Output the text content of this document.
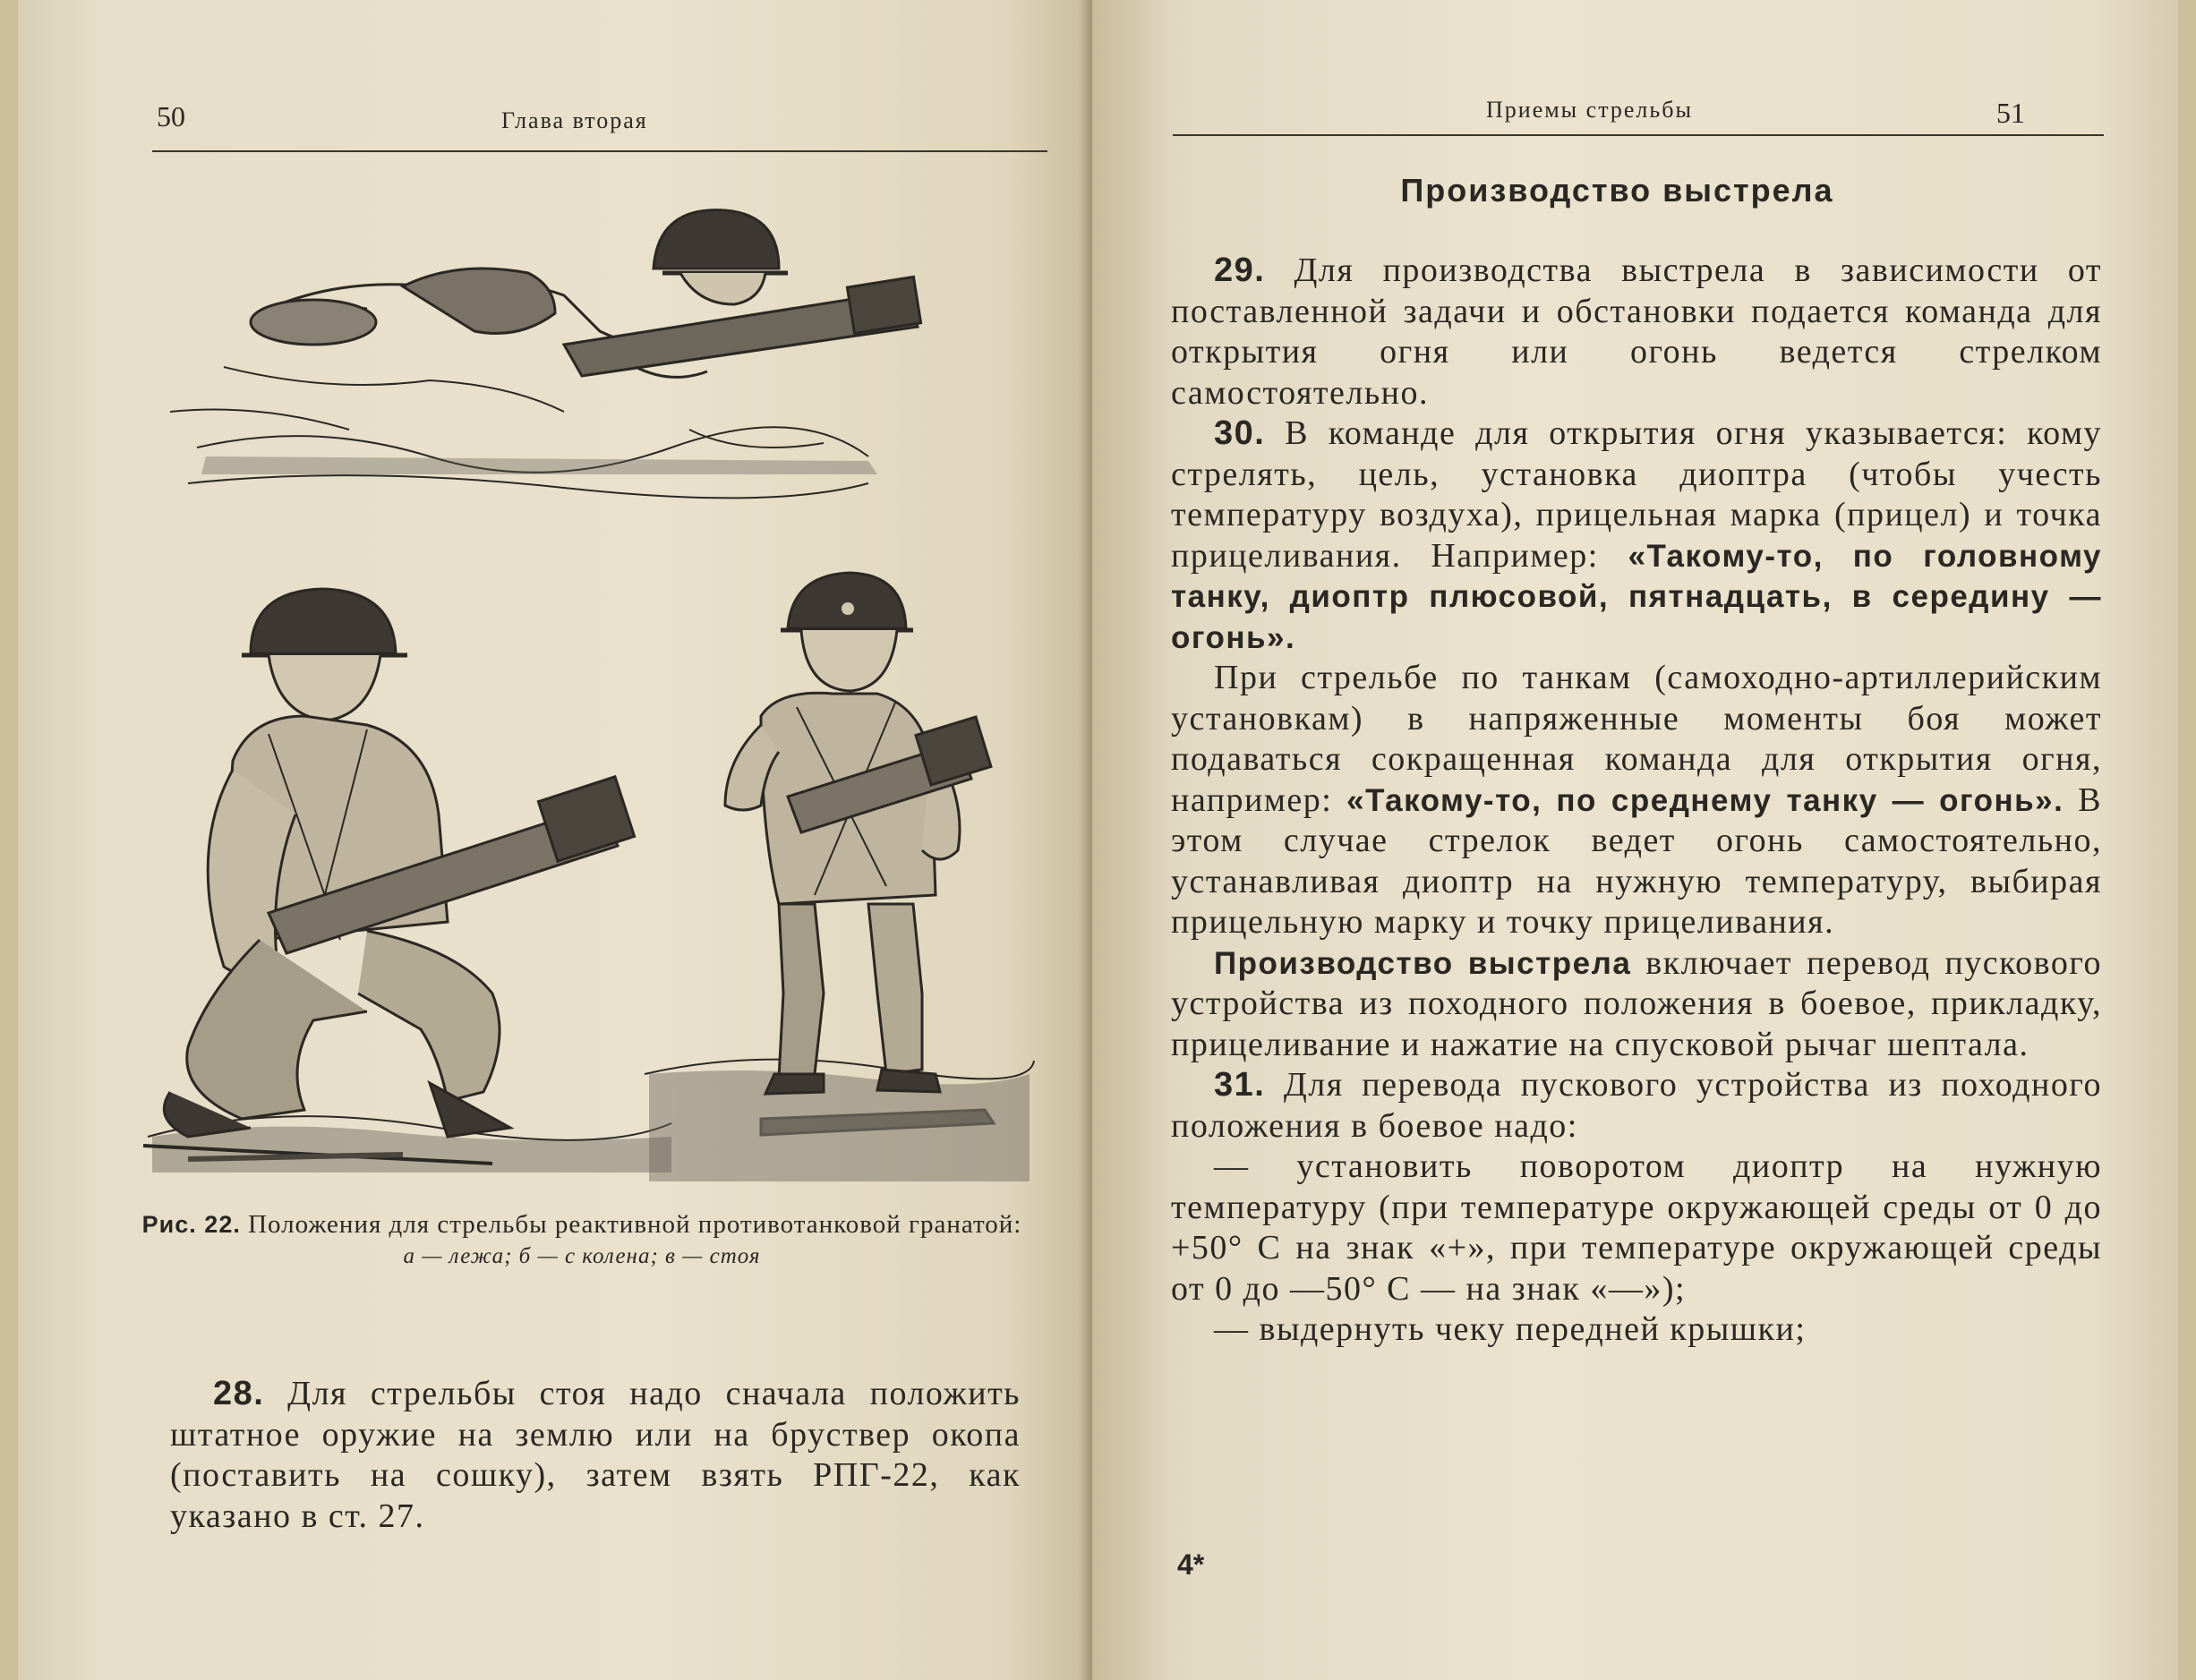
50	Глава вторая
Рис. 22. Положения для стрельбы реактивной противотанковой гранатой:
а — лежа; б — с колена; в — стоя

28. Для стрельбы стоя надо сначала положить штатное оружие на землю или на бруствер окопа (поставить на сошку), затем взять РПГ-22, как указано в ст. 27.

Приемы стрельбы	51
Производство выстрела

29. Для производства выстрела в зависимости от поставленной задачи и обстановки подается команда для открытия огня или огонь ведется стрелком самостоятельно.

30. В команде для открытия огня указывается: кому стрелять, цель, установка диоптра (чтобы учесть температуру воздуха), прицельная марка (прицел) и точка прицеливания. Например: «Такому-то, по головному танку, диоптр плюсовой, пятнадцать, в середину — огонь».

При стрельбе по танкам (самоходно-артиллерийским установкам) в напряженные моменты боя может подаваться сокращенная команда для открытия огня, например: «Такому-то, по среднему танку — огонь». В этом случае стрелок ведет огонь самостоятельно, устанавливая диоптр на нужную температуру, выбирая прицельную марку и точку прицеливания.

Производство выстрела включает перевод пускового устройства из походного положения в боевое, прикладку, прицеливание и нажатие на спусковой рычаг шептала.

31. Для перевода пускового устройства из походного положения в боевое надо:

— установить поворотом диоптр на нужную температуру (при температуре окружающей среды от 0 до +50° С на знак «+», при температуре окружающей среды от 0 до —50° С — на знак «—»);

— выдернуть чеку передней крышки;

4*
